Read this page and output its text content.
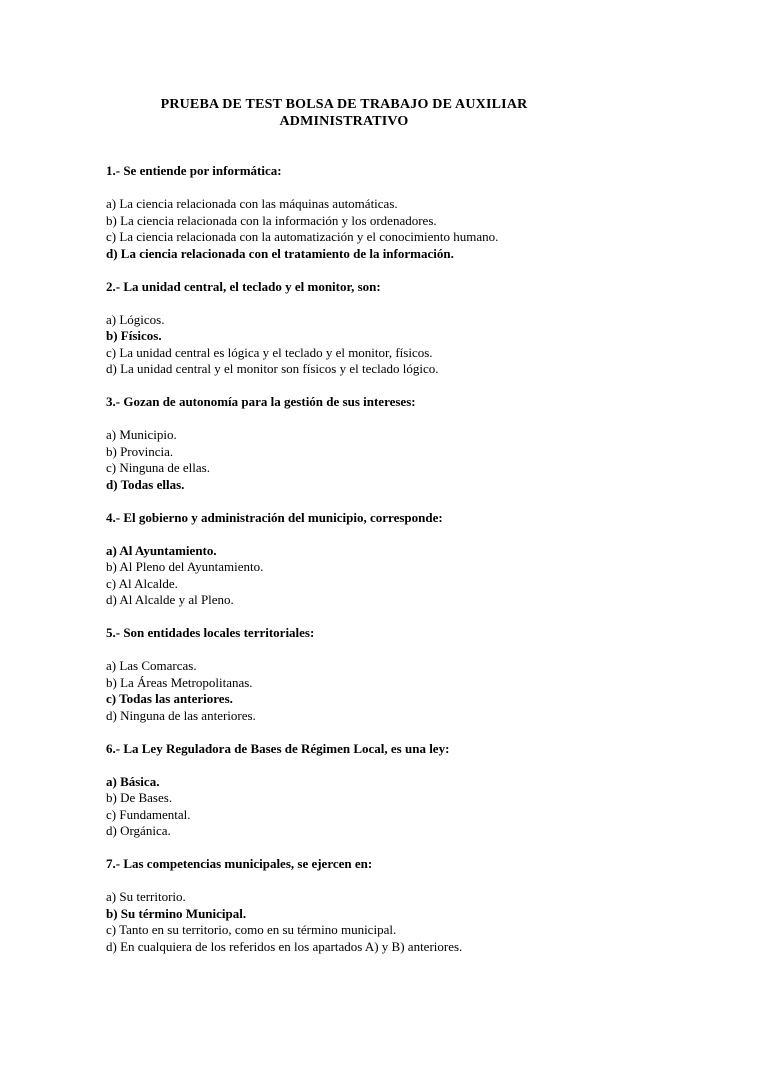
PRUEBA DE TEST BOLSA DE TRABAJO DE AUXILIAR ADMINISTRATIVO

1.- Se entiende por informática:

a) La ciencia relacionada con las máquinas automáticas.

b) La ciencia relacionada con la información y los ordenadores.

c) La ciencia relacionada con la automatización y el conocimiento humano.

d) La ciencia relacionada con el tratamiento de la información.

2.- La unidad central, el teclado y el monitor, son:

a) Lógicos.

b) Físicos.

c) La unidad central es lógica y el teclado y el monitor, físicos.

d) La unidad central y el monitor son físicos y el teclado lógico.

3.- Gozan de autonomía para la gestión de sus intereses:

a) Municipio.

b) Provincia.

c) Ninguna de ellas.

d) Todas ellas.

4.- El gobierno y administración del municipio, corresponde:

a) Al Ayuntamiento.

b) Al Pleno del Ayuntamiento.

c) Al Alcalde.

d) Al Alcalde y al Pleno.

5.- Son entidades locales territoriales:

a) Las Comarcas.

b) La Áreas Metropolitanas.

c) Todas las anteriores.

d) Ninguna de las anteriores.

6.- La Ley Reguladora de Bases de Régimen Local, es una ley:

a) Básica.

b) De Bases.

c) Fundamental.

d) Orgánica.

7.- Las competencias municipales, se ejercen en:

a) Su territorio.

b) Su término Municipal.

c) Tanto en su territorio, como en su término municipal.

d) En cualquiera de los referidos en los apartados A) y B) anteriores.
